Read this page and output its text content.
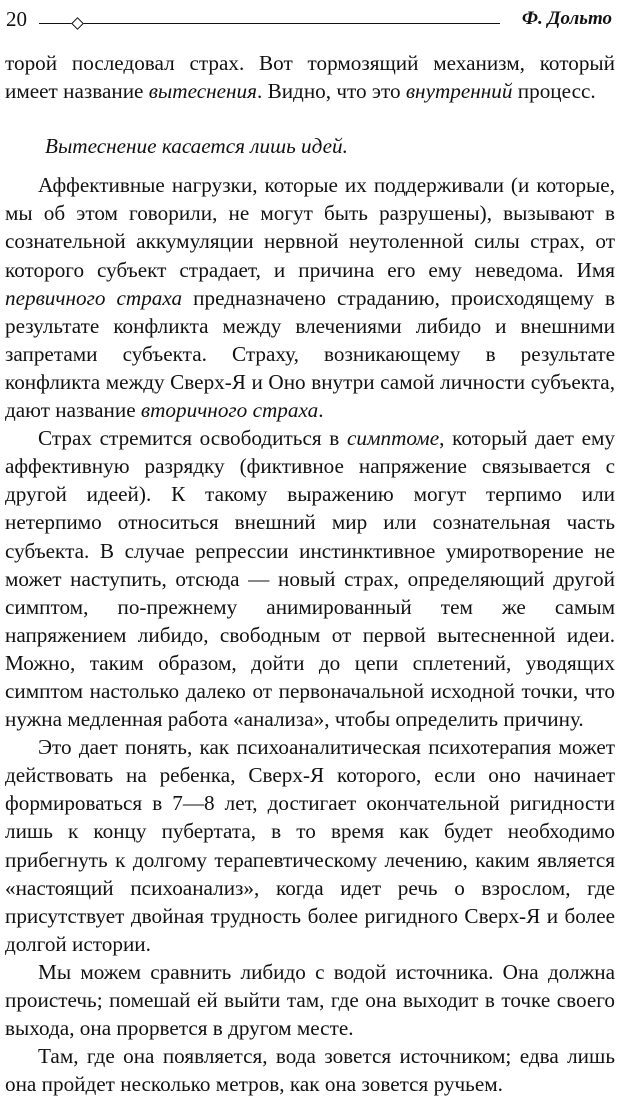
20	Ф. Дольто

торой последовал страх. Вот тормозящий механизм, который имеет название вытеснения. Видно, что это внутренний процесс.

Вытеснение касается лишь идей.

Аффективные нагрузки, которые их поддерживали (и которые, мы об этом говорили, не могут быть разрушены), вызывают в сознательной аккумуляции нервной неутоленной силы страх, от которого субъект страдает, и причина его ему неведома. Имя первичного страха предназначено страданию, происходящему в результате конфликта между влечениями либидо и внешними запретами субъекта. Страху, возникающему в результате конфликта между Сверх-Я и Оно внутри самой личности субъекта, дают название вторичного страха.

Страх стремится освободиться в симптоме, который дает ему аффективную разрядку (фиктивное напряжение связывается с другой идеей). К такому выражению могут терпимо или нетерпимо относиться внешний мир или сознательная часть субъекта. В случае репрессии инстинктивное умиротворение не может наступить, отсюда — новый страх, определяющий другой симптом, по-прежнему анимированный тем же самым напряжением либидо, свободным от первой вытесненной идеи. Можно, таким образом, дойти до цепи сплетений, уводящих симптом настолько далеко от первоначальной исходной точки, что нужна медленная работа «анализа», чтобы определить причину.

Это дает понять, как психоаналитическая психотерапия может действовать на ребенка, Сверх-Я которого, если оно начинает формироваться в 7—8 лет, достигает окончательной ригидности лишь к концу пубертата, в то время как будет необходимо прибегнуть к долгому терапевтическому лечению, каким является «настоящий психоанализ», когда идет речь о взрослом, где присутствует двойная трудность более ригидного Сверх-Я и более долгой истории.

Мы можем сравнить либидо с водой источника. Она должна проистечь; помешай ей выйти там, где она выходит в точке своего выхода, она прорвется в другом месте.

Там, где она появляется, вода зовется источником; едва лишь она пройдет несколько метров, как она зовется ручьем.
